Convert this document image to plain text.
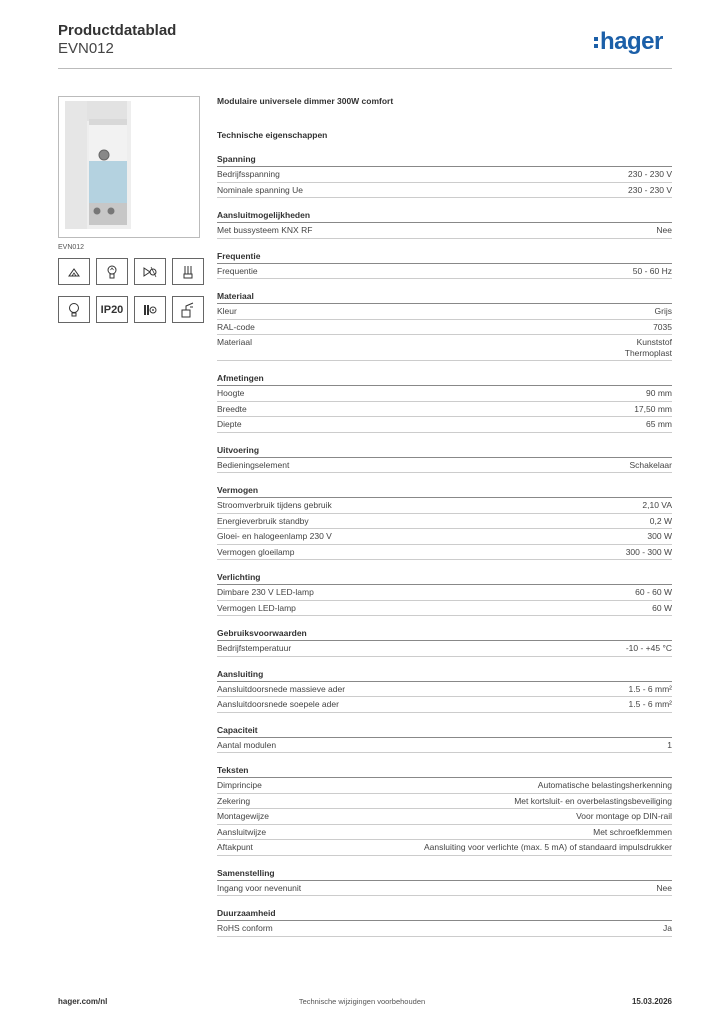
Productdatablad
EVN012	hager
EVN012
IP20
Modulaire universele dimmer 300W comfort
Technische eigenschappen
Spanning
Bedrijfsspanning	230 - 230 V
Nominale spanning Ue	230 - 230 V
Aansluitmogelijkheden
Met bussysteem KNX RF	Nee
Frequentie
Frequentie	50 - 60 Hz
Materiaal
Kleur	Grijs
RAL-code	7035
Materiaal	Kunststof
Thermoplast
Afmetingen
Hoogte	90 mm
Breedte	17,50 mm
Diepte	65 mm
Uitvoering
Bedieningselement	Schakelaar
Vermogen
Stroomverbruik tijdens gebruik	2,10 VA
Energieverbruik standby	0,2 W
Gloei- en halogeenlamp 230 V	300 W
Vermogen gloeilamp	300 - 300 W
Verlichting
Dimbare 230 V LED-lamp	60 - 60 W
Vermogen LED-lamp	60 W
Gebruiksvoorwaarden
Bedrijfstemperatuur	-10 - +45 °C
Aansluiting
Aansluitdoorsnede massieve ader	1.5 - 6 mm²
Aansluitdoorsnede soepele ader	1.5 - 6 mm²
Capaciteit
Aantal modulen	1
Teksten
Dimprincipe	Automatische belastingsherkenning
Zekering	Met kortsluit- en overbelastingsbeveiliging
Montagewijze	Voor montage op DIN-rail
Aansluitwijze	Met schroefklemmen
Aftakpunt	Aansluiting voor verlichte (max. 5 mA) of standaard impulsdrukker
Samenstelling
Ingang voor nevenunit	Nee
Duurzaamheid
RoHS conform	Ja
hager.com/nl	Technische wijzigingen voorbehouden	15.03.2026
